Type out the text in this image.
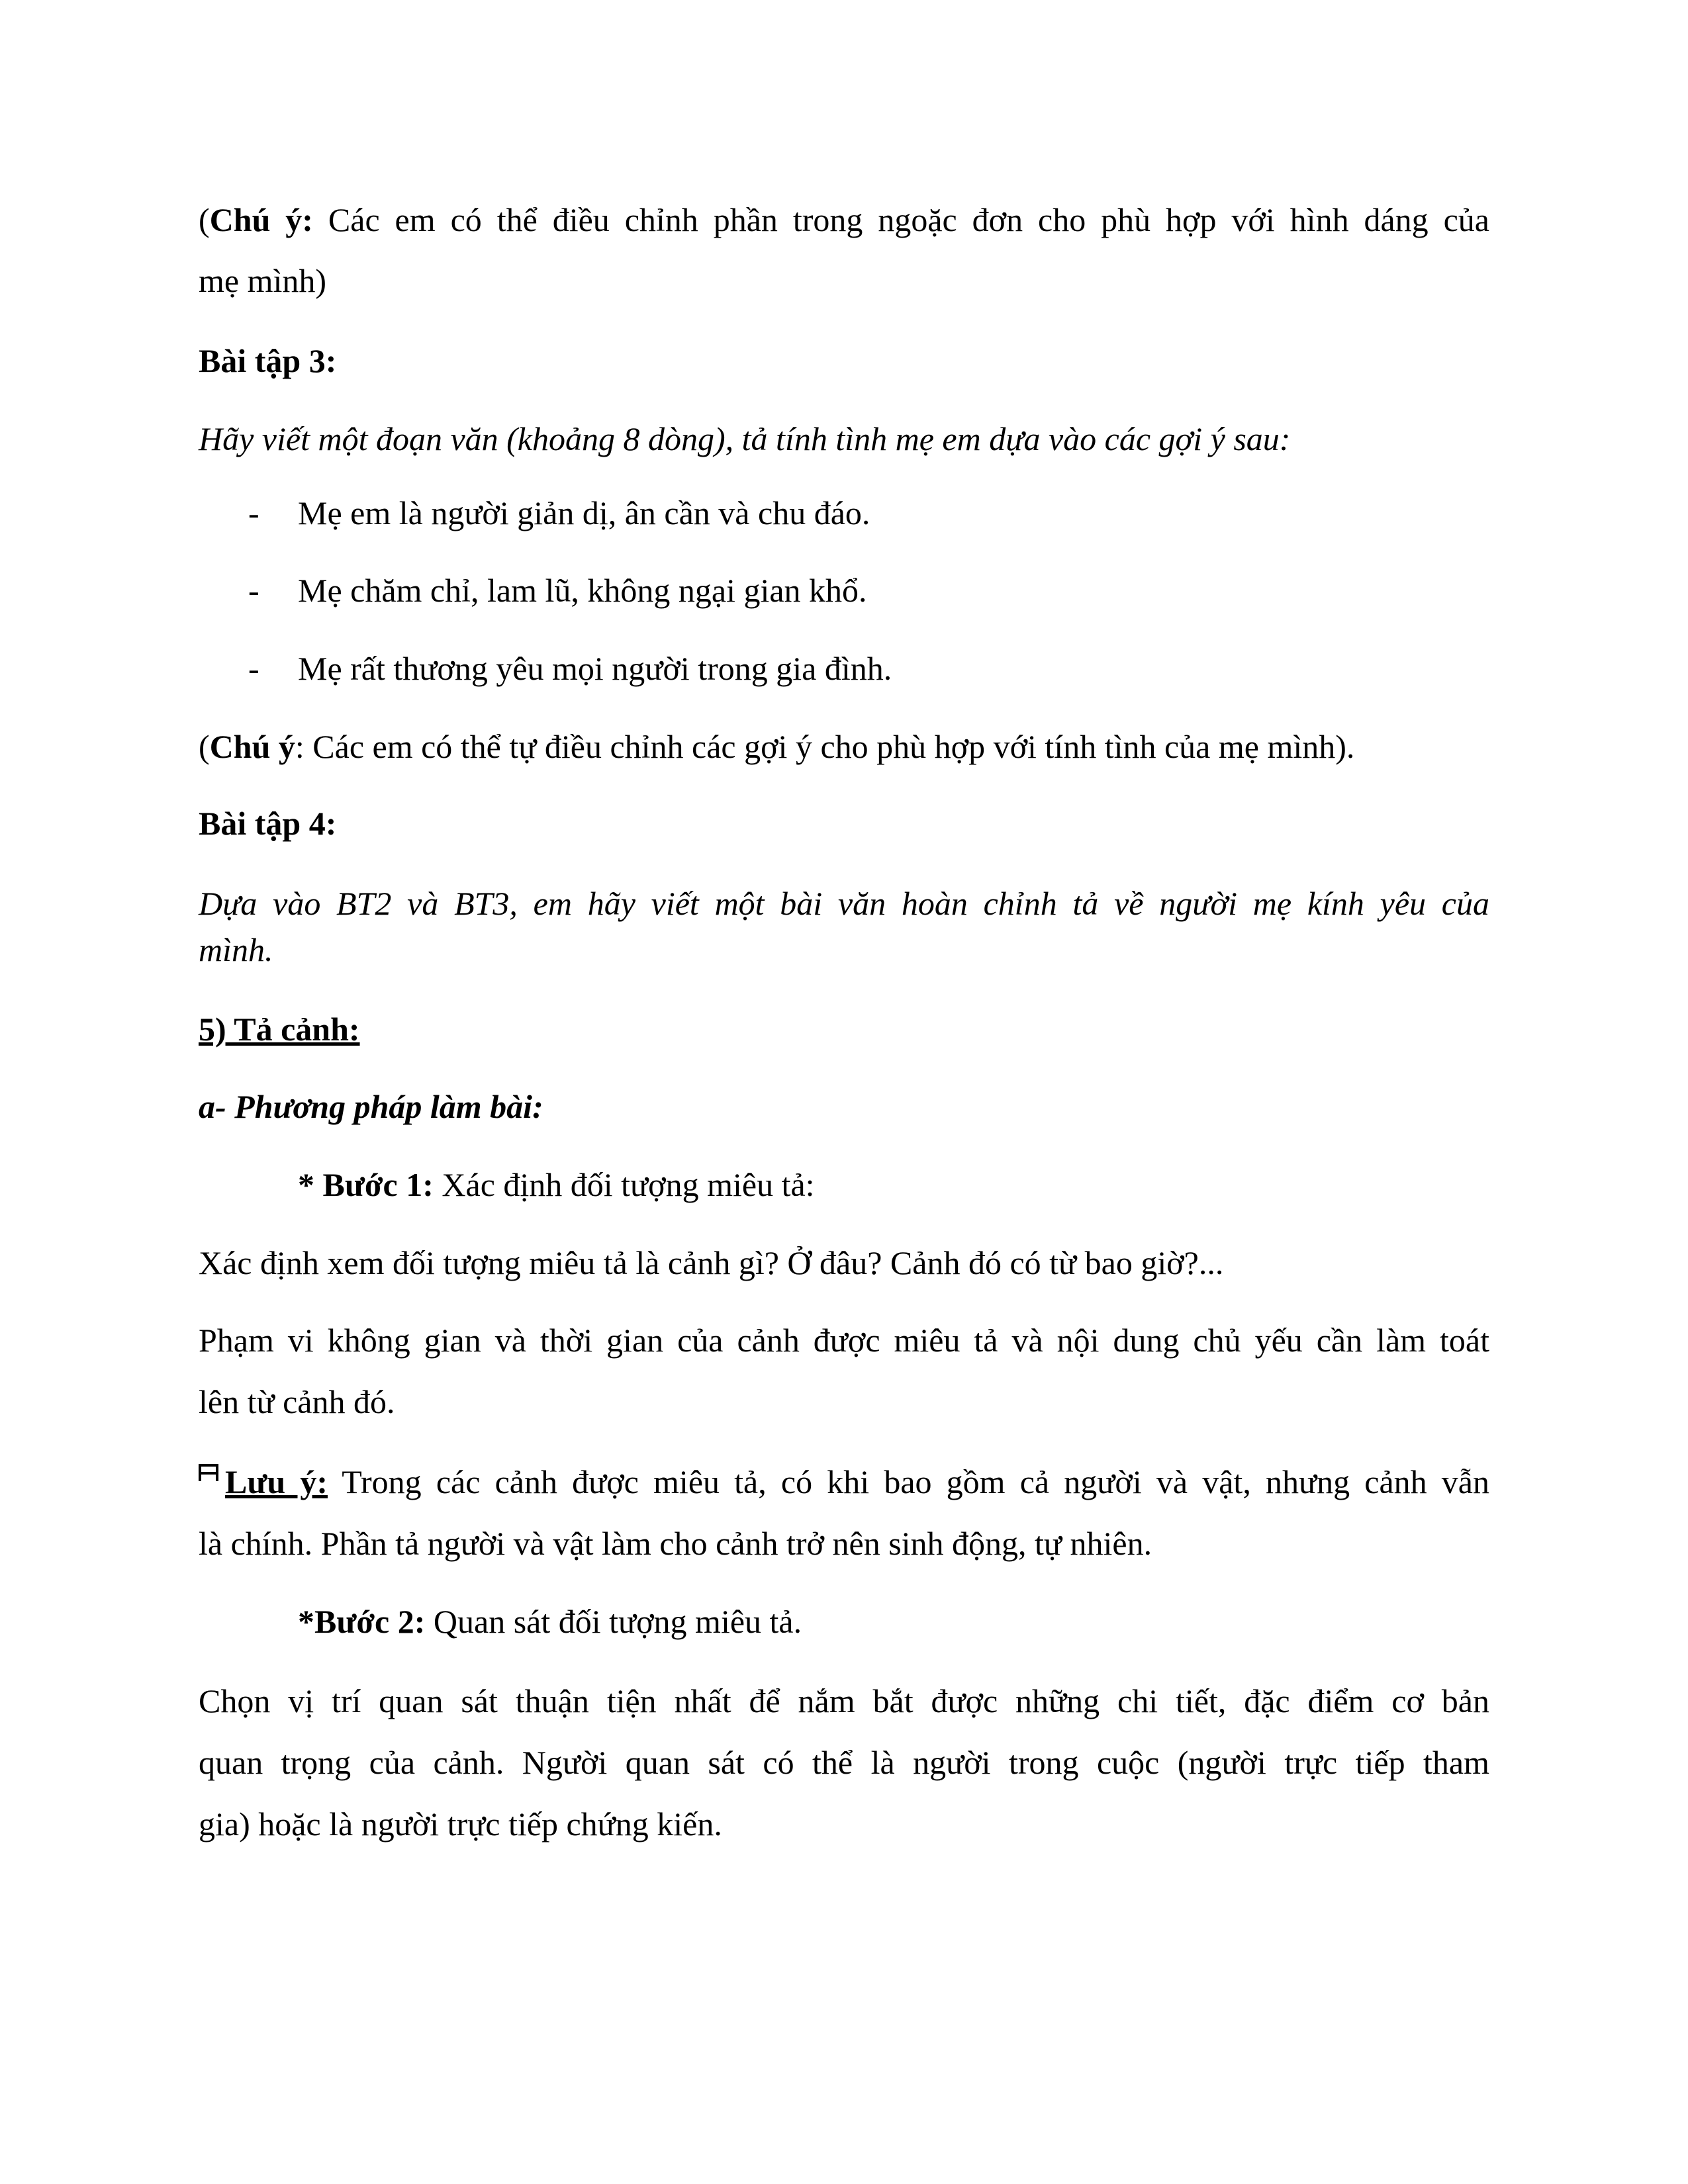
(Chú ý: Các em có thể điều chỉnh phần trong ngoặc đơn cho phù hợp với hình dáng của
mẹ mình)
Bài tập 3:
Hãy viết một đoạn văn (khoảng 8 dòng), tả tính tình mẹ em dựa vào các gợi ý sau:
- Mẹ em là người giản dị, ân cần và chu đáo.
- Mẹ chăm chỉ, lam lũ, không ngại gian khổ.
- Mẹ rất thương yêu mọi người trong gia đình.
(Chú ý: Các em có thể tự điều chỉnh các gợi ý cho phù hợp với tính tình của mẹ mình).
Bài tập 4:
Dựa vào BT2 và BT3, em hãy viết một bài văn hoàn chỉnh tả về người mẹ kính yêu của
mình.
5) Tả cảnh:
a- Phương pháp làm bài:
* Bước 1: Xác định đối tượng miêu tả:
Xác định xem đối tượng miêu tả là cảnh gì? Ở đâu? Cảnh đó có từ bao giờ?...
Phạm vi không gian và thời gian của cảnh được miêu tả và nội dung chủ yếu cần làm toát
lên từ cảnh đó.
Lưu ý: Trong các cảnh được miêu tả, có khi bao gồm cả người và vật, nhưng cảnh vẫn
là chính. Phần tả người và vật làm cho cảnh trở nên sinh động, tự nhiên.
*Bước 2: Quan sát đối tượng miêu tả.
Chọn vị trí quan sát thuận tiện nhất để nắm bắt được những chi tiết, đặc điểm cơ bản
quan trọng của cảnh. Người quan sát có thể là người trong cuộc (người trực tiếp tham
gia) hoặc là người trực tiếp chứng kiến.
